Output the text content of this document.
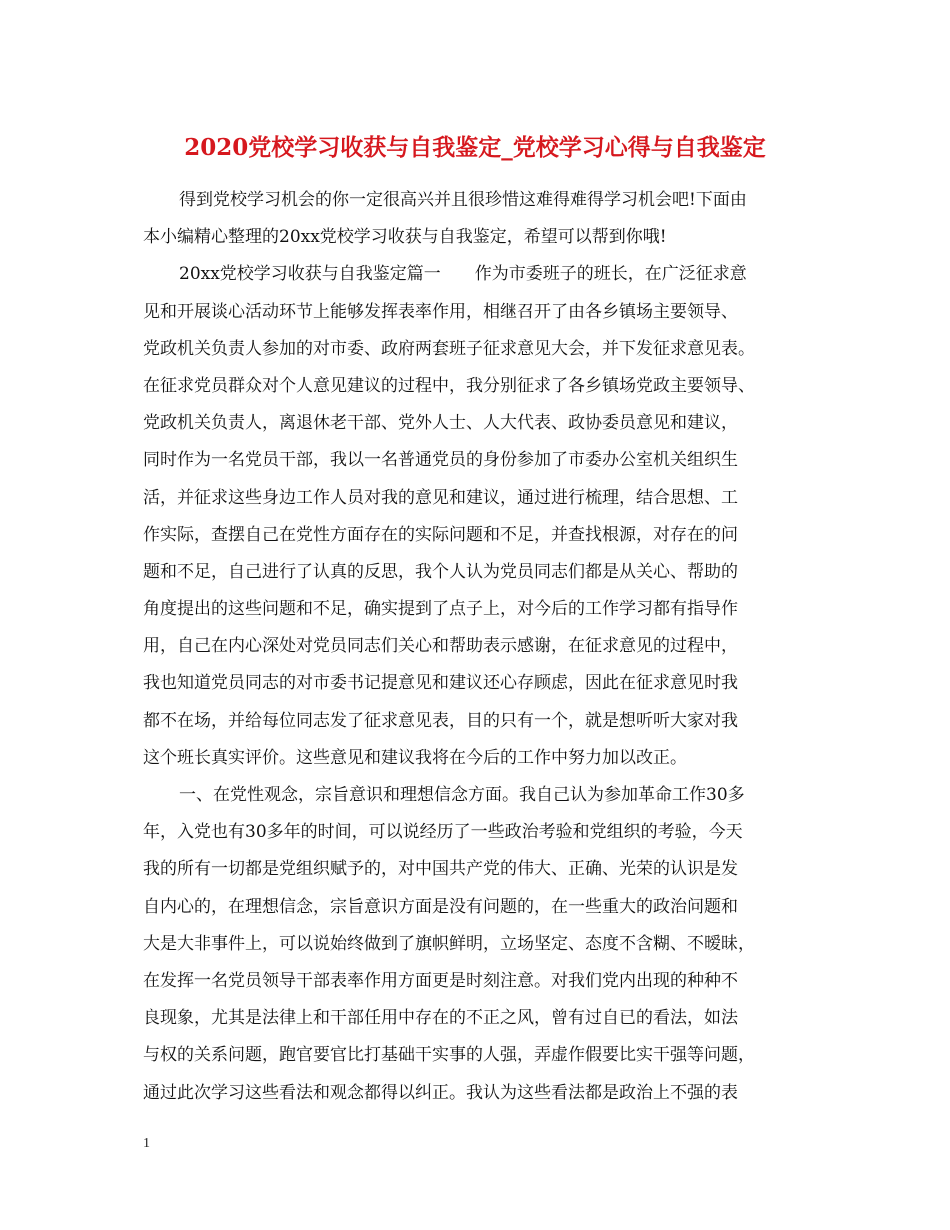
2020党校学习收获与自我鉴定_党校学习心得与自我鉴定
得到党校学习机会的你一定很高兴并且很珍惜这难得难得学习机会吧!下面由
本小编精心整理的20xx党校学习收获与自我鉴定，希望可以帮到你哦!
20xx党校学习收获与自我鉴定篇一　　作为市委班子的班长，在广泛征求意
见和开展谈心活动环节上能够发挥表率作用，相继召开了由各乡镇场主要领导、
党政机关负责人参加的对市委、政府两套班子征求意见大会，并下发征求意见表。
在征求党员群众对个人意见建议的过程中，我分别征求了各乡镇场党政主要领导、
党政机关负责人，离退休老干部、党外人士、人大代表、政协委员意见和建议，
同时作为一名党员干部，我以一名普通党员的身份参加了市委办公室机关组织生
活，并征求这些身边工作人员对我的意见和建议，通过进行梳理，结合思想、工
作实际，查摆自己在党性方面存在的实际问题和不足，并查找根源，对存在的问
题和不足，自己进行了认真的反思，我个人认为党员同志们都是从关心、帮助的
角度提出的这些问题和不足，确实提到了点子上，对今后的工作学习都有指导作
用，自己在内心深处对党员同志们关心和帮助表示感谢，在征求意见的过程中，
我也知道党员同志的对市委书记提意见和建议还心存顾虑，因此在征求意见时我
都不在场，并给每位同志发了征求意见表，目的只有一个，就是想听听大家对我
这个班长真实评价。这些意见和建议我将在今后的工作中努力加以改正。
一、在党性观念，宗旨意识和理想信念方面。我自己认为参加革命工作30多
年，入党也有30多年的时间，可以说经历了一些政治考验和党组织的考验，今天
我的所有一切都是党组织赋予的，对中国共产党的伟大、正确、光荣的认识是发
自内心的，在理想信念，宗旨意识方面是没有问题的，在一些重大的政治问题和
大是大非事件上，可以说始终做到了旗帜鲜明，立场坚定、态度不含糊、不暧昧，
在发挥一名党员领导干部表率作用方面更是时刻注意。对我们党内出现的种种不
良现象，尤其是法律上和干部任用中存在的不正之风，曾有过自已的看法，如法
与权的关系问题，跑官要官比打基础干实事的人强，弄虚作假要比实干强等问题，
通过此次学习这些看法和观念都得以纠正。我认为这些看法都是政治上不强的表
1
